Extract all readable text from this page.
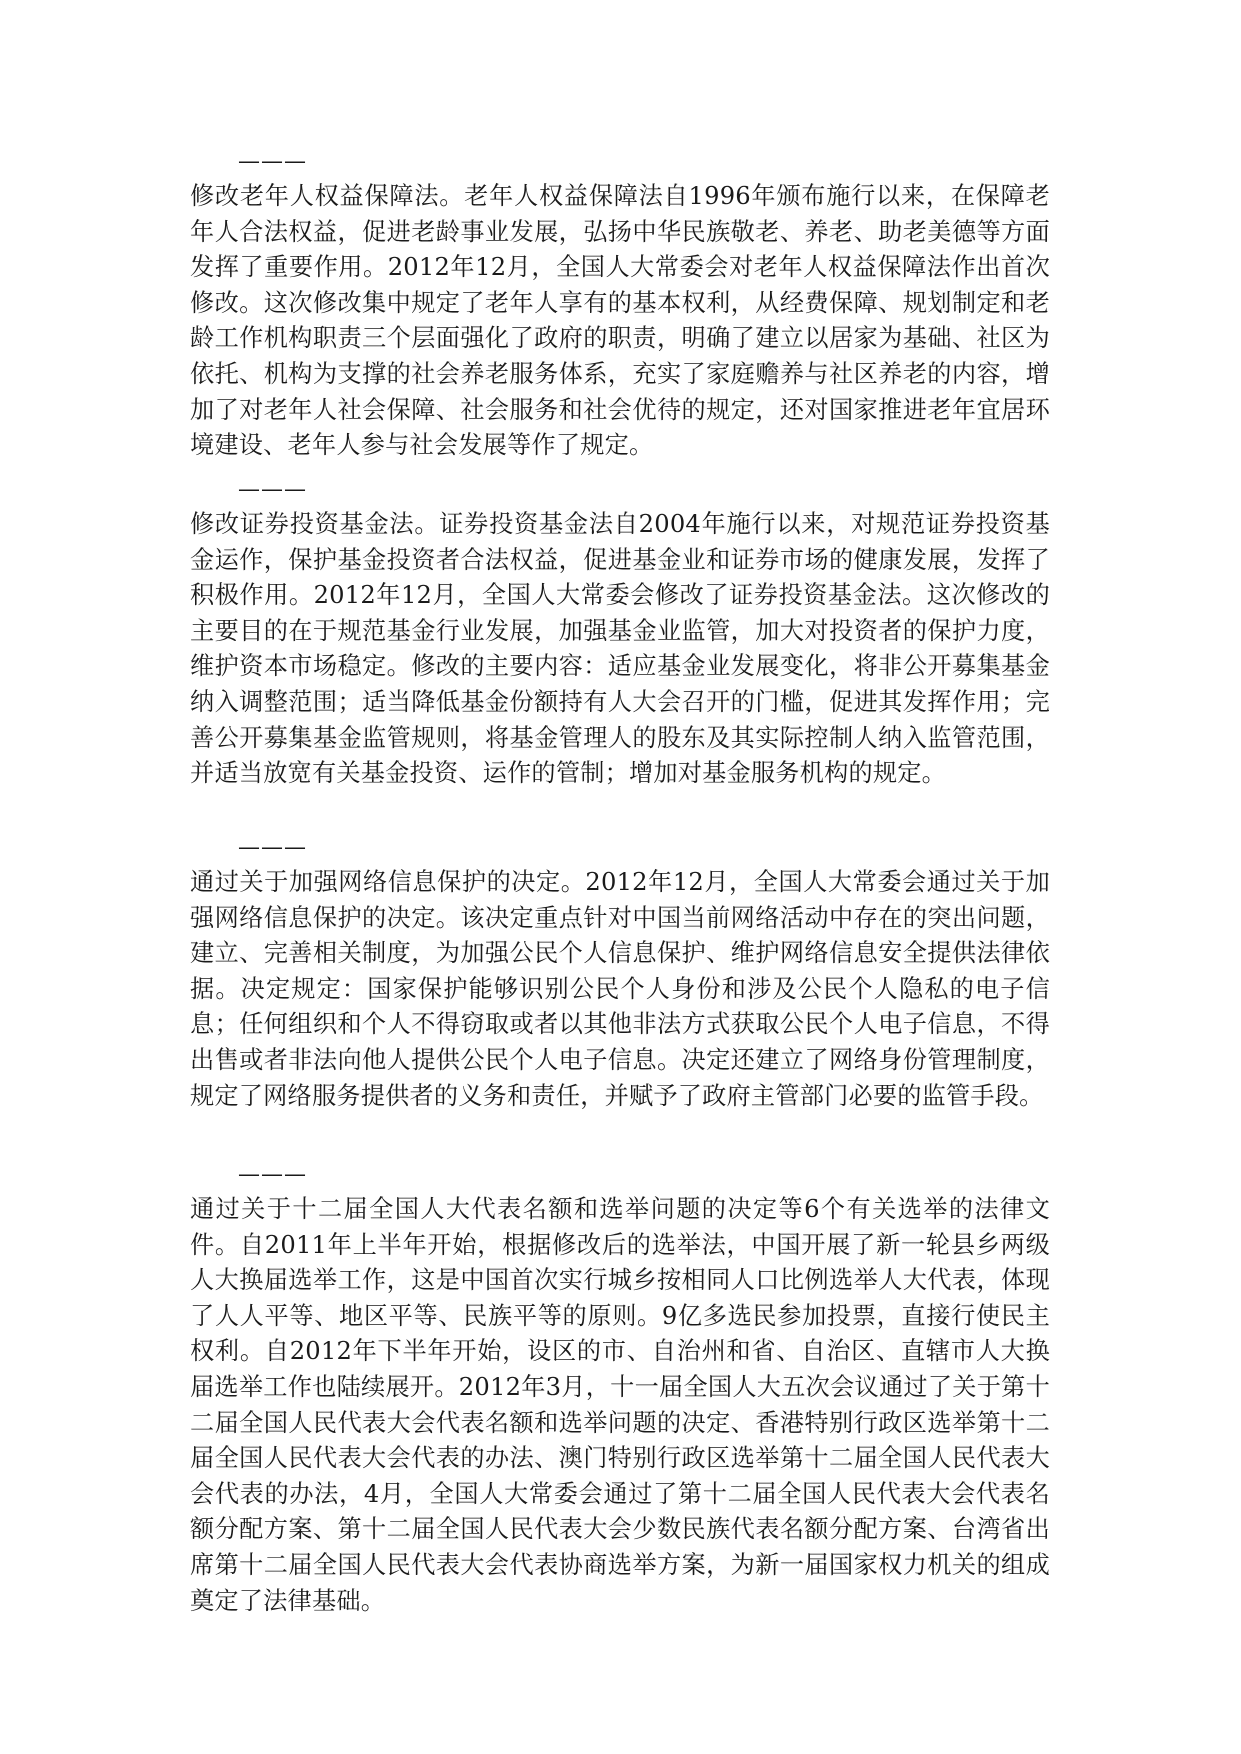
———

修改老年人权益保障法。老年人权益保障法自1996年颁布施行以来，在保障老年人合法权益，促进老龄事业发展，弘扬中华民族敬老、养老、助老美德等方面发挥了重要作用。2012年12月，全国人大常委会对老年人权益保障法作出首次修改。这次修改集中规定了老年人享有的基本权利，从经费保障、规划制定和老龄工作机构职责三个层面强化了政府的职责，明确了建立以居家为基础、社区为依托、机构为支撑的社会养老服务体系，充实了家庭赡养与社区养老的内容，增加了对老年人社会保障、社会服务和社会优待的规定，还对国家推进老年宜居环境建设、老年人参与社会发展等作了规定。

———

修改证券投资基金法。证券投资基金法自2004年施行以来，对规范证券投资基金运作，保护基金投资者合法权益，促进基金业和证券市场的健康发展，发挥了积极作用。2012年12月，全国人大常委会修改了证券投资基金法。这次修改的主要目的在于规范基金行业发展，加强基金业监管，加大对投资者的保护力度，维护资本市场稳定。修改的主要内容：适应基金业发展变化，将非公开募集基金纳入调整范围；适当降低基金份额持有人大会召开的门槛，促进其发挥作用；完善公开募集基金监管规则，将基金管理人的股东及其实际控制人纳入监管范围，并适当放宽有关基金投资、运作的管制；增加对基金服务机构的规定。

———

通过关于加强网络信息保护的决定。2012年12月，全国人大常委会通过关于加强网络信息保护的决定。该决定重点针对中国当前网络活动中存在的突出问题，建立、完善相关制度，为加强公民个人信息保护、维护网络信息安全提供法律依据。决定规定：国家保护能够识别公民个人身份和涉及公民个人隐私的电子信息；任何组织和个人不得窃取或者以其他非法方式获取公民个人电子信息，不得出售或者非法向他人提供公民个人电子信息。决定还建立了网络身份管理制度，规定了网络服务提供者的义务和责任，并赋予了政府主管部门必要的监管手段。

———

通过关于十二届全国人大代表名额和选举问题的决定等6个有关选举的法律文件。自2011年上半年开始，根据修改后的选举法，中国开展了新一轮县乡两级人大换届选举工作，这是中国首次实行城乡按相同人口比例选举人大代表，体现了人人平等、地区平等、民族平等的原则。9亿多选民参加投票，直接行使民主权利。自2012年下半年开始，设区的市、自治州和省、自治区、直辖市人大换届选举工作也陆续展开。2012年3月，十一届全国人大五次会议通过了关于第十二届全国人民代表大会代表名额和选举问题的决定、香港特别行政区选举第十二届全国人民代表大会代表的办法、澳门特别行政区选举第十二届全国人民代表大会代表的办法，4月，全国人大常委会通过了第十二届全国人民代表大会代表名额分配方案、第十二届全国人民代表大会少数民族代表名额分配方案、台湾省出席第十二届全国人民代表大会代表协商选举方案，为新一届国家权力机关的组成奠定了法律基础。
